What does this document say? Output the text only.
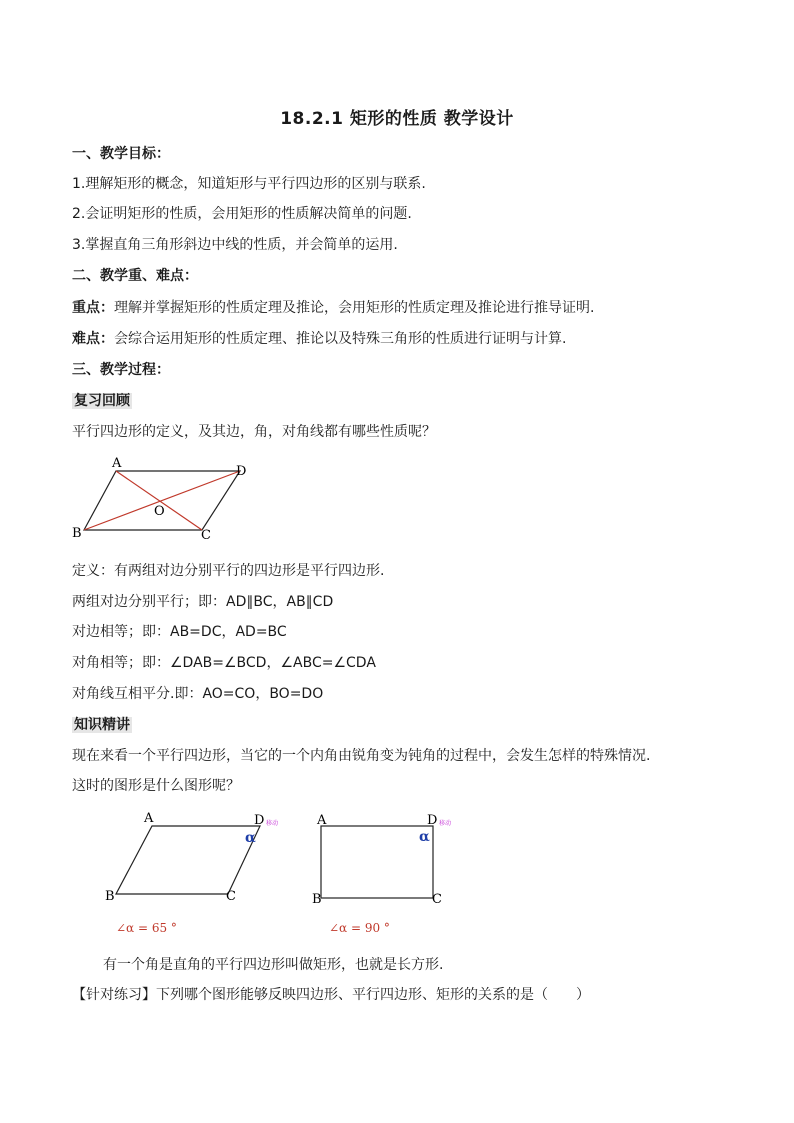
18.2.1 矩形的性质 教学设计
一、教学目标：
1.理解矩形的概念，知道矩形与平行四边形的区别与联系.
2.会证明矩形的性质，会用矩形的性质解决简单的问题.
3.掌握直角三角形斜边中线的性质，并会简单的运用.
二、教学重、难点：
重点：理解并掌握矩形的性质定理及推论，会用矩形的性质定理及推论进行推导证明.
难点：会综合运用矩形的性质定理、推论以及特殊三角形的性质进行证明与计算.
三、教学过程：
复习回顾
平行四边形的定义，及其边，角，对角线都有哪些性质呢？
A
D
B	C
O
定义：有两组对边分别平行的四边形是平行四边形.
两组对边分别平行；即：AD∥BC，AB∥CD
对边相等；即：AB=DC，AD=BC
对角相等；即：∠DAB=∠BCD，∠ABC=∠CDA
对角线互相平分.即：AO=CO，BO=DO
知识精讲
现在来看一个平行四边形，当它的一个内角由锐角变为钝角的过程中，会发生怎样的特殊情况.
这时的图形是什么图形呢？
A	D 移动
α
B	C
∠α = 65 °
A	D 移动
α
B	C
∠α = 90 °
有一个角是直角的平行四边形叫做矩形，也就是长方形.
【针对练习】下列哪个图形能够反映四边形、平行四边形、矩形的关系的是（　　）
